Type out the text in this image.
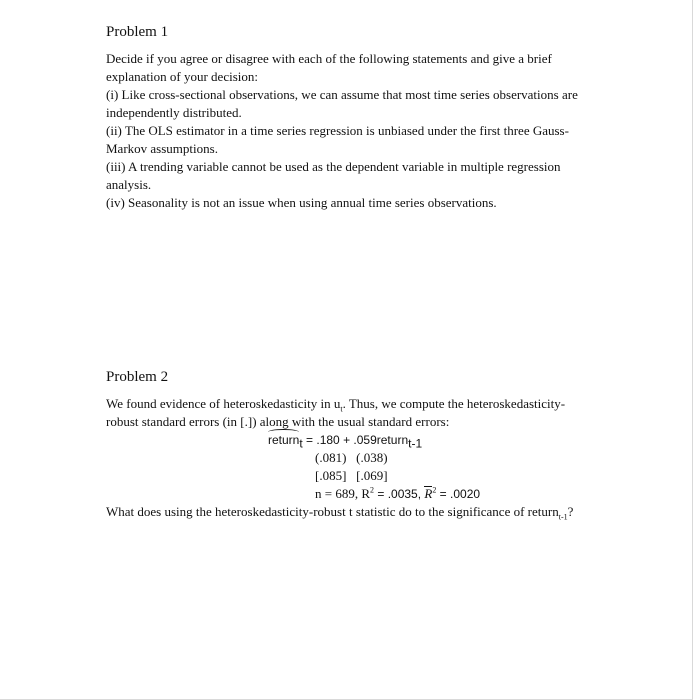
Problem 1

Decide if you agree or disagree with each of the following statements and give a brief explanation of your decision:

(i) Like cross-sectional observations, we can assume that most time series observations are independently distributed.

(ii) The OLS estimator in a time series regression is unbiased under the first three Gauss-Markov assumptions.

(iii) A trending variable cannot be used as the dependent variable in multiple regression analysis.

(iv) Seasonality is not an issue when using annual time series observations.

Problem 2

We found evidence of heteroskedasticity in $u_t$. Thus, we compute the heteroskedasticity-robust standard errors (in [.]) along with the usual standard errors:

return$_t$ = .180 + .059return$_{t-1}$
(.081)   (.038)
[.085]   [.069]
n = 689, $R^2 = .0035$, $R^2 = .0020$

What does using the heteroskedasticity-robust t statistic do to the significance of return$_{t-1}$?
